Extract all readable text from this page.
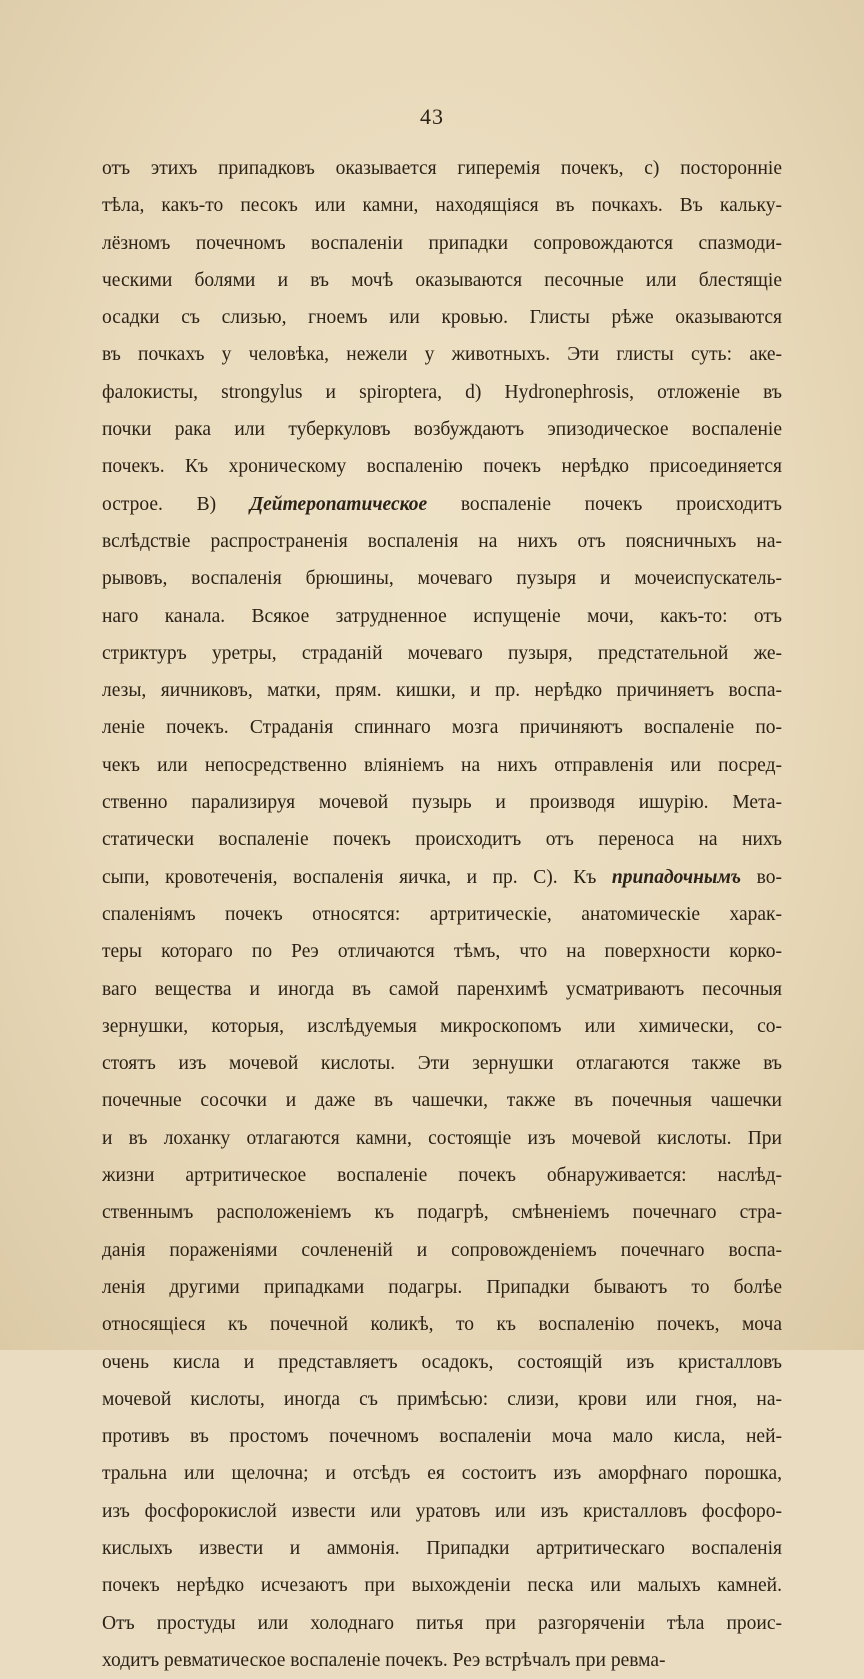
43
отъ этихъ припадковъ оказывается гиперемія почекъ, c) посторонніе
тѣла, какъ-то песокъ или камни, находящіяся въ почкахъ. Въ кальку-
лёзномъ почечномъ воспаленіи припадки сопровождаются спазмоди-
ческими болями и въ мочѣ оказываются песочные или блестящіе
осадки съ слизью, гноемъ или кровью. Глисты рѣже оказываются
въ почкахъ у человѣка, нежели у животныхъ. Эти глисты суть: аке-
фалокисты, strongylus и spiroptera, d) Hydronephrosis, отложеніе въ
почки рака или туберкуловъ возбуждаютъ эпизодическое воспаленіе
почекъ. Къ хроническому воспаленію почекъ нерѣдко присоединяется
острое. B) Дейтеропатическое воспаленіе почекъ происходитъ
вслѣдствіе распространенія воспаленія на нихъ отъ поясничныхъ на-
рывовъ, воспаленія брюшины, мочеваго пузыря и мочеиспускатель-
наго канала. Всякое затрудненное испущеніе мочи, какъ-то: отъ
стриктуръ уретры, страданій мочеваго пузыря, предстательной же-
лезы, яичниковъ, матки, прям. кишки, и пр. нерѣдко причиняетъ воспа-
леніе почекъ. Страданія спиннаго мозга причиняютъ воспаленіе по-
чекъ или непосредственно вліяніемъ на нихъ отправленія или посред-
ственно парализируя мочевой пузырь и производя ишурію. Мета-
статически воспаленіе почекъ происходитъ отъ переноса на нихъ
сыпи, кровотеченія, воспаленія яичка, и пр. C). Къ припадочнымъ во-
спаленіямъ почекъ относятся: артритическіе, анатомическіе харак-
теры котораго по Реэ отличаются тѣмъ, что на поверхности корко-
ваго вещества и иногда въ самой паренхимѣ усматриваютъ песочныя
зернушки, которыя, изслѣдуемыя микроскопомъ или химически, со-
стоятъ изъ мочевой кислоты. Эти зернушки отлагаются также въ
почечные сосочки и даже въ чашечки, также въ почечныя чашечки
и въ лоханку отлагаются камни, состоящіе изъ мочевой кислоты. При
жизни артритическое воспаленіе почекъ обнаруживается: наслѣд-
ственнымъ расположеніемъ къ подагрѣ, смѣненіемъ почечнаго стра-
данія пораженіями сочлененій и сопровожденіемъ почечнаго воспа-
ленія другими припадками подагры. Припадки бываютъ то болѣе
относящіеся къ почечной коликѣ, то къ воспаленію почекъ, моча
очень кисла и представляетъ осадокъ, состоящій изъ кристалловъ
мочевой кислоты, иногда съ примѣсью: слизи, крови или гноя, на-
противъ въ простомъ почечномъ воспаленіи моча мало кисла, ней-
тральна или щелочна; и отсѣдъ ея состоитъ изъ аморфнаго порошка,
изъ фосфорокислой извести или уратовъ или изъ кристалловъ фосфоро-
кислыхъ извести и аммонія. Припадки артритическаго воспаленія
почекъ нерѣдко исчезаютъ при выхожденіи песка или малыхъ камней.
Отъ простуды или холоднаго питья при разгоряченіи тѣла проис-
ходитъ ревматическое воспаленіе почекъ. Реэ встрѣчалъ при ревма-
